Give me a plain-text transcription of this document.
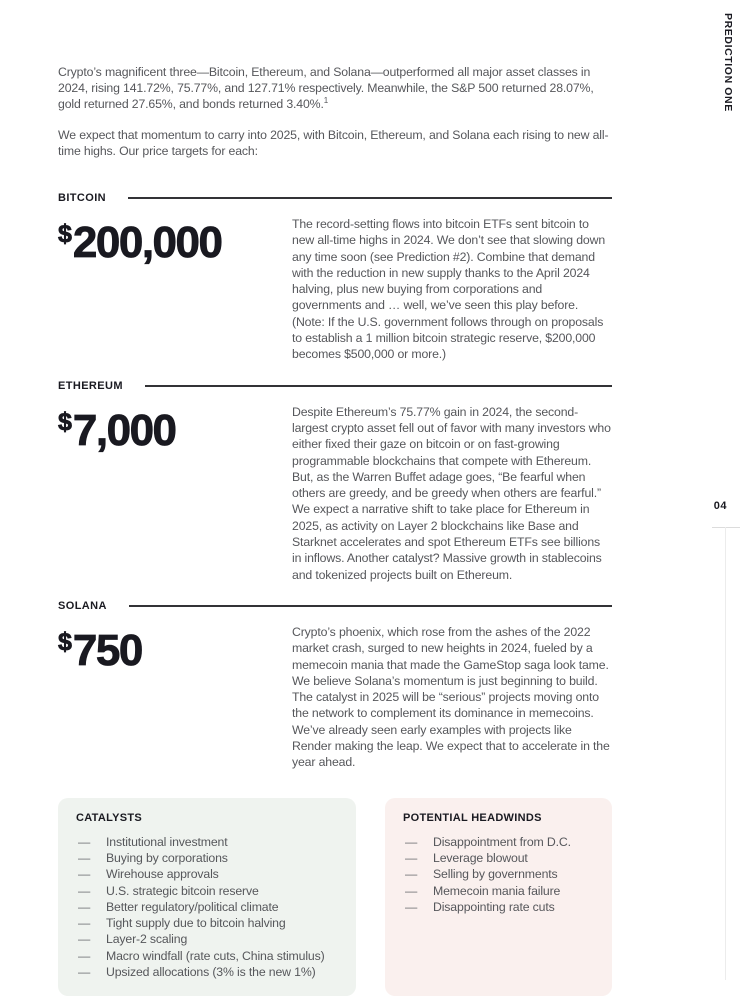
Crypto’s magnificent three—Bitcoin, Ethereum, and Solana—outperformed all major asset classes in 2024, rising 141.72%, 75.77%, and 127.71% respectively. Meanwhile, the S&P 500 returned 28.07%, gold returned 27.65%, and bonds returned 3.40%.$^1$

We expect that momentum to carry into 2025, with Bitcoin, Ethereum, and Solana each rising to new all-time highs. Our price targets for each:

BITCOIN
$200,000	The record-setting flows into bitcoin ETFs sent bitcoin to new all-time highs in 2024. We don’t see that slowing down any time soon (see Prediction #2). Combine that demand with the reduction in new supply thanks to the April 2024 halving, plus new buying from corporations and governments and … well, we’ve seen this play before. (Note: If the U.S. government follows through on proposals to establish a 1 million bitcoin strategic reserve, $200,000 becomes $500,000 or more.)
ETHEREUM
$7,000	Despite Ethereum’s 75.77% gain in 2024, the second-largest crypto asset fell out of favor with many investors who either fixed their gaze on bitcoin or on fast-growing programmable blockchains that compete with Ethereum. But, as the Warren Buffet adage goes, “Be fearful when others are greedy, and be greedy when others are fearful.” We expect a narrative shift to take place for Ethereum in 2025, as activity on Layer 2 blockchains like Base and Starknet accelerates and spot Ethereum ETFs see billions in inflows. Another catalyst? Massive growth in stablecoins and tokenized projects built on Ethereum.
SOLANA
$750	Crypto’s phoenix, which rose from the ashes of the 2022 market crash, surged to new heights in 2024, fueled by a memecoin mania that made the GameStop saga look tame. We believe Solana’s momentum is just beginning to build. The catalyst in 2025 will be “serious” projects moving onto the network to complement its dominance in memecoins. We’ve already seen early examples with projects like Render making the leap. We expect that to accelerate in the year ahead.
CATALYSTS
—	Institutional investment
—	Buying by corporations
—	Wirehouse approvals
—	U.S. strategic bitcoin reserve
—	Better regulatory/political climate
—	Tight supply due to bitcoin halving
—	Layer-2 scaling
—	Macro windfall (rate cuts, China stimulus)
—	Upsized allocations (3% is the new 1%)
POTENTIAL HEADWINDS
—	Disappointment from D.C.
—	Leverage blowout
—	Selling by governments
—	Memecoin mania failure
—	Disappointing rate cuts
PREDICTION ONE
04
